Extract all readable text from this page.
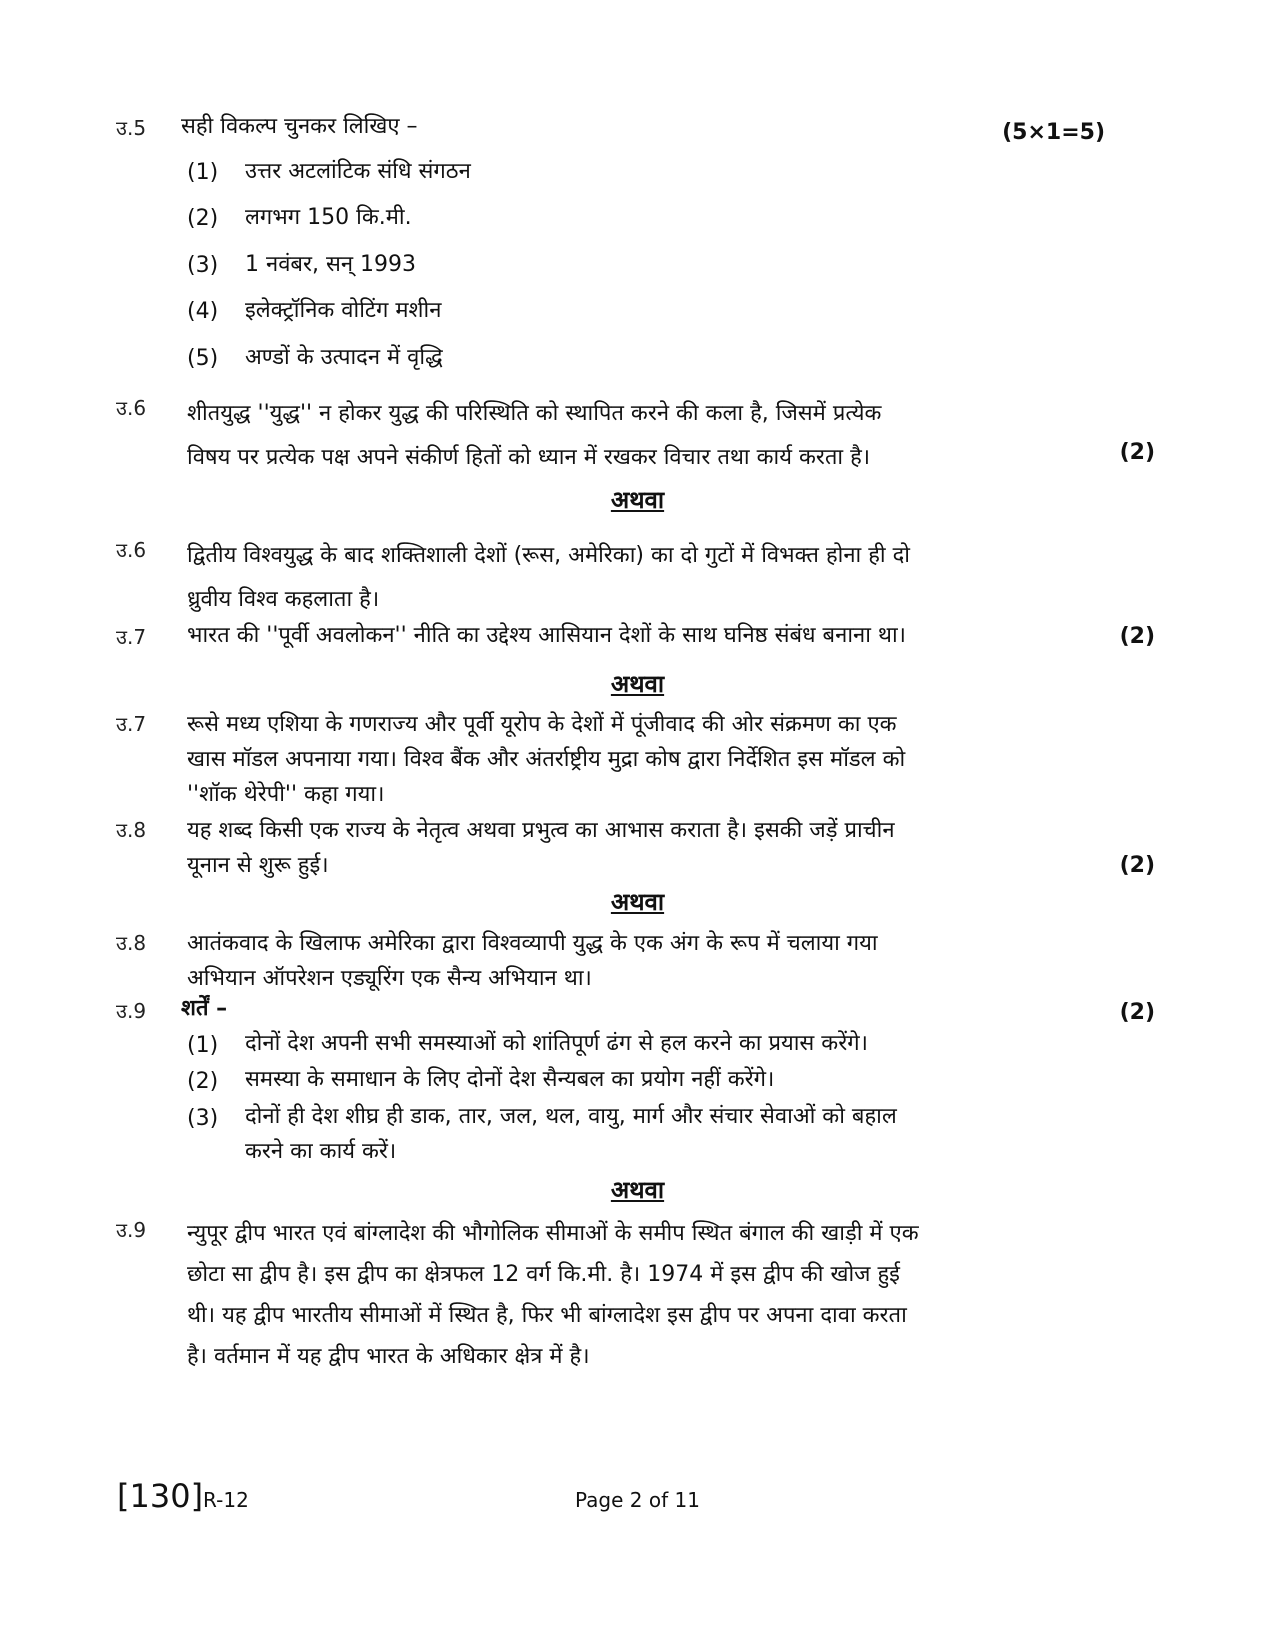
उ.5 सही विकल्प चुनकर लिखिए –	(5×1=5)
(1) उत्तर अटलांटिक संधि संगठन
(2) लगभग 150 कि.मी.
(3) 1 नवंबर, सन् 1993
(4) इलेक्ट्रॉनिक वोटिंग मशीन
(5) अण्डों के उत्पादन में वृद्धि
उ.6 शीतयुद्ध ''युद्ध'' न होकर युद्ध की परिस्थिति को स्थापित करने की कला है, जिसमें प्रत्येक
विषय पर प्रत्येक पक्ष अपने संकीर्ण हितों को ध्यान में रखकर विचार तथा कार्य करता है।	(2)
अथवा
उ.6 द्वितीय विश्वयुद्ध के बाद शक्तिशाली देशों (रूस, अमेरिका) का दो गुटों में विभक्त होना ही दो
ध्रुवीय विश्व कहलाता है।
उ.7 भारत की ''पूर्वी अवलोकन'' नीति का उद्देश्य आसियान देशों के साथ घनिष्ठ संबंध बनाना था।	(2)
अथवा
उ.7 रूसे मध्य एशिया के गणराज्य और पूर्वी यूरोप के देशों में पूंजीवाद की ओर संक्रमण का एक
खास मॉडल अपनाया गया। विश्व बैंक और अंतर्राष्ट्रीय मुद्रा कोष द्वारा निर्देशित इस मॉडल को
''शॉक थेरेपी'' कहा गया।
उ.8 यह शब्द किसी एक राज्य के नेतृत्व अथवा प्रभुत्व का आभास कराता है। इसकी जड़ें प्राचीन
यूनान से शुरू हुई।	(2)
अथवा
उ.8 आतंकवाद के खिलाफ अमेरिका द्वारा विश्वव्यापी युद्ध के एक अंग के रूप में चलाया गया
अभियान ऑपरेशन एड्यूरिंग एक सैन्य अभियान था।
उ.9 शर्तें –	(2)
(1) दोनों देश अपनी सभी समस्याओं को शांतिपूर्ण ढंग से हल करने का प्रयास करेंगे।
(2) समस्या के समाधान के लिए दोनों देश सैन्यबल का प्रयोग नहीं करेंगे।
(3) दोनों ही देश शीघ्र ही डाक, तार, जल, थल, वायु, मार्ग और संचार सेवाओं को बहाल
करने का कार्य करें।
अथवा
उ.9 न्युपूर द्वीप भारत एवं बांग्लादेश की भौगोलिक सीमाओं के समीप स्थित बंगाल की खाड़ी में एक
छोटा सा द्वीप है। इस द्वीप का क्षेत्रफल 12 वर्ग कि.मी. है। 1974 में इस द्वीप की खोज हुई
थी। यह द्वीप भारतीय सीमाओं में स्थित है, फिर भी बांग्लादेश इस द्वीप पर अपना दावा करता
है। वर्तमान में यह द्वीप भारत के अधिकार क्षेत्र में है।
[130]R-12	Page 2 of 11
